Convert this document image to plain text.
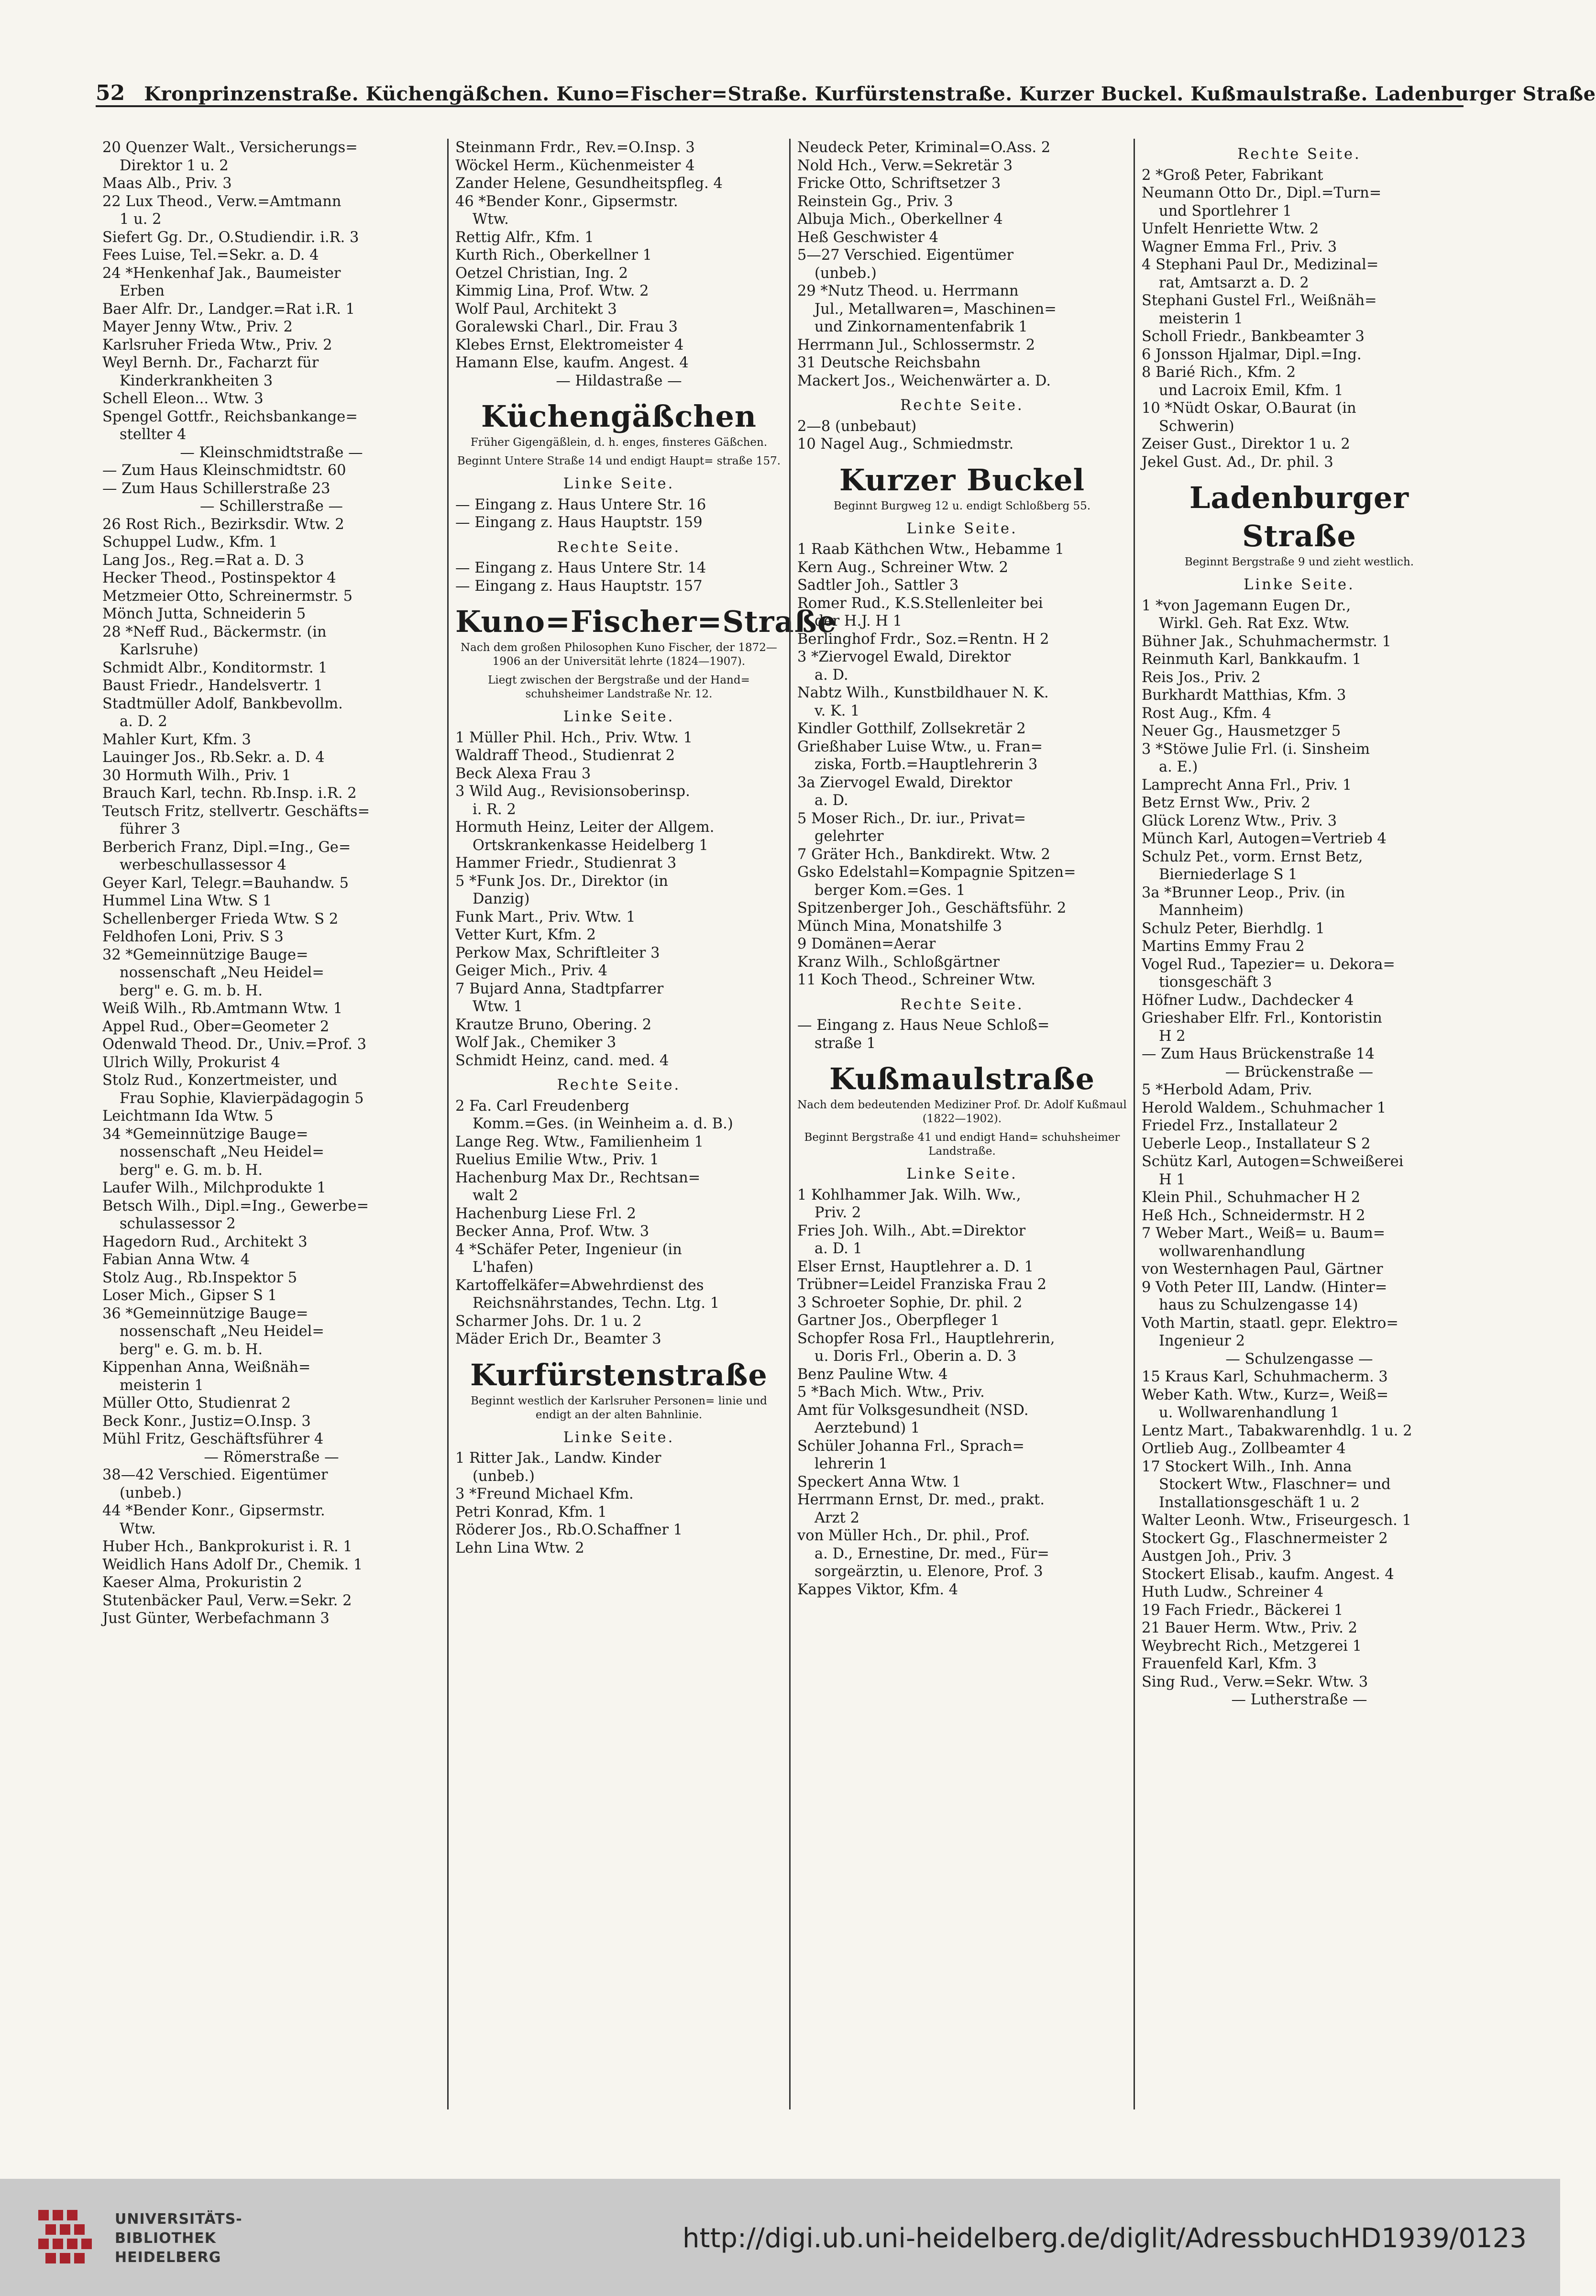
52 Kronprinzenstraße. Küchengäßchen. Kuno=Fischer=Straße. Kurfürstenstraße. Kurzer Buckel. Kußmaulstraße. Ladenburger Straße
20 Quenzer Walt., Versicherungs=
Direktor 1 u. 2
Maas Alb., Priv. 3
22 Lux Theod., Verw.=Amtmann
1 u. 2
Siefert Gg. Dr., O.Studiendir. i.R. 3
Fees Luise, Tel.=Sekr. a. D. 4
24 *Henkenhaf Jak., Baumeister
Erben
Baer Alfr. Dr., Landger.=Rat i.R. 1
Mayer Jenny Wtw., Priv. 2
Karlsruher Frieda Wtw., Priv. 2
Weyl Bernh. Dr., Facharzt für
Kinderkrankheiten 3
Schell Eleon... Wtw. 3
Spengel Gottfr., Reichsbankange=
stellter 4
— Kleinschmidtstraße —
— Zum Haus Kleinschmidtstr. 60
— Zum Haus Schillerstraße 23
— Schillerstraße —
26 Rost Rich., Bezirksdir. Wtw. 2
Schuppel Ludw., Kfm. 1
Lang Jos., Reg.=Rat a. D. 3
Hecker Theod., Postinspektor 4
Metzmeier Otto, Schreinermstr. 5
Mönch Jutta, Schneiderin 5
28 *Neff Rud., Bäckermstr. (in
Karlsruhe)
Schmidt Albr., Konditormstr. 1
Baust Friedr., Handelsvertr. 1
Stadtmüller Adolf, Bankbevollm.
a. D. 2
Mahler Kurt, Kfm. 3
Lauinger Jos., Rb.Sekr. a. D. 4
30 Hormuth Wilh., Priv. 1
Brauch Karl, techn. Rb.Insp. i.R. 2
Teutsch Fritz, stellvertr. Geschäfts=
führer 3
Berberich Franz, Dipl.=Ing., Ge=
werbeschullassessor 4
Geyer Karl, Telegr.=Bauhandw. 5
Hummel Lina Wtw. S 1
Schellenberger Frieda Wtw. S 2
Feldhofen Loni, Priv. S 3
32 *Gemeinnützige Bauge=
nossenschaft „Neu Heidel=
berg" e. G. m. b. H.
Weiß Wilh., Rb.Amtmann Wtw. 1
Appel Rud., Ober=Geometer 2
Odenwald Theod. Dr., Univ.=Prof. 3
Ulrich Willy, Prokurist 4
Stolz Rud., Konzertmeister, und
Frau Sophie, Klavierpädagogin 5
Leichtmann Ida Wtw. 5
34 *Gemeinnützige Bauge=
nossenschaft „Neu Heidel=
berg" e. G. m. b. H.
Laufer Wilh., Milchprodukte 1
Betsch Wilh., Dipl.=Ing., Gewerbe=
schulassessor 2
Hagedorn Rud., Architekt 3
Fabian Anna Wtw. 4
Stolz Aug., Rb.Inspektor 5
Loser Mich., Gipser S 1
36 *Gemeinnützige Bauge=
nossenschaft „Neu Heidel=
berg" e. G. m. b. H.
Kippenhan Anna, Weißnäh=
meisterin 1
Müller Otto, Studienrat 2
Beck Konr., Justiz=O.Insp. 3
Mühl Fritz, Geschäftsführer 4
— Römerstraße —
38—42 Verschied. Eigentümer
(unbeb.)
44 *Bender Konr., Gipsermstr.
Wtw.
Huber Hch., Bankprokurist i. R. 1
Weidlich Hans Adolf Dr., Chemik. 1
Kaeser Alma, Prokuristin 2
Stutenbäcker Paul, Verw.=Sekr. 2
Just Günter, Werbefachmann 3
Steinmann Frdr., Rev.=O.Insp. 3
Wöckel Herm., Küchenmeister 4
Zander Helene, Gesundheitspfleg. 4
46 *Bender Konr., Gipsermstr.
Wtw.
Rettig Alfr., Kfm. 1
Kurth Rich., Oberkellner 1
Oetzel Christian, Ing. 2
Kimmig Lina, Prof. Wtw. 2
Wolf Paul, Architekt 3
Goralewski Charl., Dir. Frau 3
Klebes Ernst, Elektromeister 4
Hamann Else, kaufm. Angest. 4
— Hildastraße —
Küchengäßchen
Früher Gigengäßlein, d. h. enges, finsteres Gäßchen.
Beginnt Untere Straße 14 und endigt Haupt= straße 157.
Linke Seite.
— Eingang z. Haus Untere Str. 16
— Eingang z. Haus Hauptstr. 159
Rechte Seite.
— Eingang z. Haus Untere Str. 14
— Eingang z. Haus Hauptstr. 157
Kuno=Fischer=Straße
Nach dem großen Philosophen Kuno Fischer, der 1872—1906 an der Universität lehrte (1824—1907).
Liegt zwischen der Bergstraße und der Hand= schuhsheimer Landstraße Nr. 12.
Linke Seite.
1 Müller Phil. Hch., Priv. Wtw. 1
Waldraff Theod., Studienrat 2
Beck Alexa Frau 3
3 Wild Aug., Revisionsoberinsp.
i. R. 2
Hormuth Heinz, Leiter der Allgem.
Ortskrankenkasse Heidelberg 1
Hammer Friedr., Studienrat 3
5 *Funk Jos. Dr., Direktor (in
Danzig)
Funk Mart., Priv. Wtw. 1
Vetter Kurt, Kfm. 2
Perkow Max, Schriftleiter 3
Geiger Mich., Priv. 4
7 Bujard Anna, Stadtpfarrer
Wtw. 1
Krautze Bruno, Obering. 2
Wolf Jak., Chemiker 3
Schmidt Heinz, cand. med. 4
Rechte Seite.
2 Fa. Carl Freudenberg
Komm.=Ges. (in Weinheim a. d. B.)
Lange Reg. Wtw., Familienheim 1
Ruelius Emilie Wtw., Priv. 1
Hachenburg Max Dr., Rechtsan=
walt 2
Hachenburg Liese Frl. 2
Becker Anna, Prof. Wtw. 3
4 *Schäfer Peter, Ingenieur (in
L'hafen)
Kartoffelkäfer=Abwehrdienst des
Reichsnährstandes, Techn. Ltg. 1
Scharmer Johs. Dr. 1 u. 2
Mäder Erich Dr., Beamter 3
Kurfürstenstraße
Beginnt westlich der Karlsruher Personen= linie und endigt an der alten Bahnlinie.
Linke Seite.
1 Ritter Jak., Landw. Kinder
(unbeb.)
3 *Freund Michael Kfm.
Petri Konrad, Kfm. 1
Röderer Jos., Rb.O.Schaffner 1
Lehn Lina Wtw. 2
Neudeck Peter, Kriminal=O.Ass. 2
Nold Hch., Verw.=Sekretär 3
Fricke Otto, Schriftsetzer 3
Reinstein Gg., Priv. 3
Albuja Mich., Oberkellner 4
Heß Geschwister 4
5—27 Verschied. Eigentümer
(unbeb.)
29 *Nutz Theod. u. Herrmann
Jul., Metallwaren=, Maschinen=
und Zinkornamentenfabrik 1
Herrmann Jul., Schlossermstr. 2
31 Deutsche Reichsbahn
Mackert Jos., Weichenwärter a. D.
Rechte Seite.
2—8 (unbebaut)
10 Nagel Aug., Schmiedmstr.
Kurzer Buckel
Beginnt Burgweg 12 u. endigt Schloßberg 55.
Linke Seite.
1 Raab Käthchen Wtw., Hebamme 1
Kern Aug., Schreiner Wtw. 2
Sadtler Joh., Sattler 3
Romer Rud., K.S.Stellenleiter bei
der H.J. H 1
Berlinghof Frdr., Soz.=Rentn. H 2
3 *Ziervogel Ewald, Direktor
a. D.
Nabtz Wilh., Kunstbildhauer N. K.
v. K. 1
Kindler Gotthilf, Zollsekretär 2
Grießhaber Luise Wtw., u. Fran=
ziska, Fortb.=Hauptlehrerin 3
3a Ziervogel Ewald, Direktor
a. D.
5 Moser Rich., Dr. iur., Privat=
gelehrter
7 Gräter Hch., Bankdirekt. Wtw. 2
Gsko Edelstahl=Kompagnie Spitzen=
berger Kom.=Ges. 1
Spitzenberger Joh., Geschäftsführ. 2
Münch Mina, Monatshilfe 3
9 Domänen=Aerar
Kranz Wilh., Schloßgärtner
11 Koch Theod., Schreiner Wtw.
Rechte Seite.
— Eingang z. Haus Neue Schloß=
straße 1
Kußmaulstraße
Nach dem bedeutenden Mediziner Prof. Dr. Adolf Kußmaul (1822—1902).
Beginnt Bergstraße 41 und endigt Hand= schuhsheimer Landstraße.
Linke Seite.
1 Kohlhammer Jak. Wilh. Ww.,
Priv. 2
Fries Joh. Wilh., Abt.=Direktor
a. D. 1
Elser Ernst, Hauptlehrer a. D. 1
Trübner=Leidel Franziska Frau 2
3 Schroeter Sophie, Dr. phil. 2
Gartner Jos., Oberpfleger 1
Schopfer Rosa Frl., Hauptlehrerin,
u. Doris Frl., Oberin a. D. 3
Benz Pauline Wtw. 4
5 *Bach Mich. Wtw., Priv.
Amt für Volksgesundheit (NSD.
Aerztebund) 1
Schüler Johanna Frl., Sprach=
lehrerin 1
Speckert Anna Wtw. 1
Herrmann Ernst, Dr. med., prakt.
Arzt 2
von Müller Hch., Dr. phil., Prof.
a. D., Ernestine, Dr. med., Für=
sorgeärztin, u. Elenore, Prof. 3
Kappes Viktor, Kfm. 4
Rechte Seite.
2 *Groß Peter, Fabrikant
Neumann Otto Dr., Dipl.=Turn=
und Sportlehrer 1
Unfelt Henriette Wtw. 2
Wagner Emma Frl., Priv. 3
4 Stephani Paul Dr., Medizinal=
rat, Amtsarzt a. D. 2
Stephani Gustel Frl., Weißnäh=
meisterin 1
Scholl Friedr., Bankbeamter 3
6 Jonsson Hjalmar, Dipl.=Ing.
8 Barié Rich., Kfm. 2
und Lacroix Emil, Kfm. 1
10 *Nüdt Oskar, O.Baurat (in
Schwerin)
Zeiser Gust., Direktor 1 u. 2
Jekel Gust. Ad., Dr. phil. 3
Ladenburger Straße
Beginnt Bergstraße 9 und zieht westlich.
Linke Seite.
1 *von Jagemann Eugen Dr.,
Wirkl. Geh. Rat Exz. Wtw.
Bühner Jak., Schuhmachermstr. 1
Reinmuth Karl, Bankkaufm. 1
Reis Jos., Priv. 2
Burkhardt Matthias, Kfm. 3
Rost Aug., Kfm. 4
Neuer Gg., Hausmetzger 5
3 *Stöwe Julie Frl. (i. Sinsheim
a. E.)
Lamprecht Anna Frl., Priv. 1
Betz Ernst Ww., Priv. 2
Glück Lorenz Wtw., Priv. 3
Münch Karl, Autogen=Vertrieb 4
Schulz Pet., vorm. Ernst Betz,
Bierniederlage S 1
3a *Brunner Leop., Priv. (in
Mannheim)
Schulz Peter, Bierhdlg. 1
Martins Emmy Frau 2
Vogel Rud., Tapezier= u. Dekora=
tionsgeschäft 3
Höfner Ludw., Dachdecker 4
Grieshaber Elfr. Frl., Kontoristin
H 2
— Zum Haus Brückenstraße 14
— Brückenstraße —
5 *Herbold Adam, Priv.
Herold Waldem., Schuhmacher 1
Friedel Frz., Installateur 2
Ueberle Leop., Installateur S 2
Schütz Karl, Autogen=Schweißerei
H 1
Klein Phil., Schuhmacher H 2
Heß Hch., Schneidermstr. H 2
7 Weber Mart., Weiß= u. Baum=
wollwarenhandlung
von Westernhagen Paul, Gärtner
9 Voth Peter III, Landw. (Hinter=
haus zu Schulzengasse 14)
Voth Martin, staatl. gepr. Elektro=
Ingenieur 2
— Schulzengasse —
15 Kraus Karl, Schuhmacherm. 3
Weber Kath. Wtw., Kurz=, Weiß=
u. Wollwarenhandlung 1
Lentz Mart., Tabakwarenhdlg. 1 u. 2
Ortlieb Aug., Zollbeamter 4
17 Stockert Wilh., Inh. Anna
Stockert Wtw., Flaschner= und
Installationsgeschäft 1 u. 2
Walter Leonh. Wtw., Friseurgesch. 1
Stockert Gg., Flaschnermeister 2
Austgen Joh., Priv. 3
Stockert Elisab., kaufm. Angest. 4
Huth Ludw., Schreiner 4
19 Fach Friedr., Bäckerei 1
21 Bauer Herm. Wtw., Priv. 2
Weybrecht Rich., Metzgerei 1
Frauenfeld Karl, Kfm. 3
Sing Rud., Verw.=Sekr. Wtw. 3
— Lutherstraße —
UNIVERSITÄTS-
BIBLIOTHEK
HEIDELBERG
http://digi.ub.uni-heidelberg.de/diglit/AdressbuchHD1939/0123
